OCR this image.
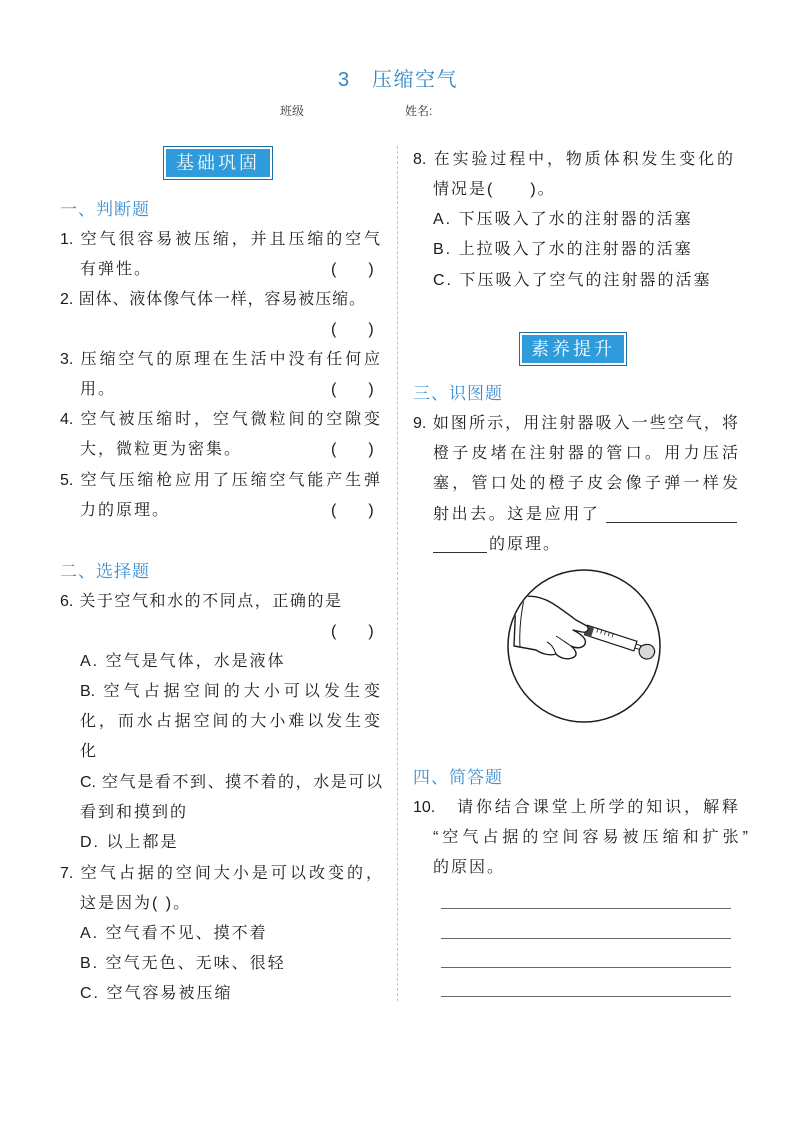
3 压缩空气
班级	姓名:
基础巩固
一、判断题
1. 空气很容易被压缩，并且压缩的空气
有弹性。	(　　)
2. 固体、液体像气体一样，容易被压缩。
(　　)
3. 压缩空气的原理在生活中没有任何应
用。	(　　)
4. 空气被压缩时，空气微粒间的空隙变
大，微粒更为密集。	(　　)
5. 空气压缩枪应用了压缩空气能产生弹
力的原理。	(　　)
二、选择题
6. 关于空气和水的不同点，正确的是
(　　)
A. 空气是气体，水是液体
B. 空气占据空间的大小可以发生变
化，而水占据空间的大小难以发生变
化
C. 空气是看不到、摸不着的，水是可以
看到和摸到的
D. 以上都是
7. 空气占据的空间大小是可以改变的，
这是因为( )。
A. 空气看不见、摸不着
B. 空气无色、无味、很轻
C. 空气容易被压缩
8. 在实验过程中，物质体积发生变化的
情况是(　　)。
A. 下压吸入了水的注射器的活塞
B. 上拉吸入了水的注射器的活塞
C. 下压吸入了空气的注射器的活塞
素养提升
三、识图题
9. 如图所示，用注射器吸入一些空气，将
橙子皮堵在注射器的管口。用力压活
塞，管口处的橙子皮会像子弹一样发
射出去。这是应用了
的原理。
四、简答题
10.　请你结合课堂上所学的知识，解释
“空气占据的空间容易被压缩和扩张”
的原因。
